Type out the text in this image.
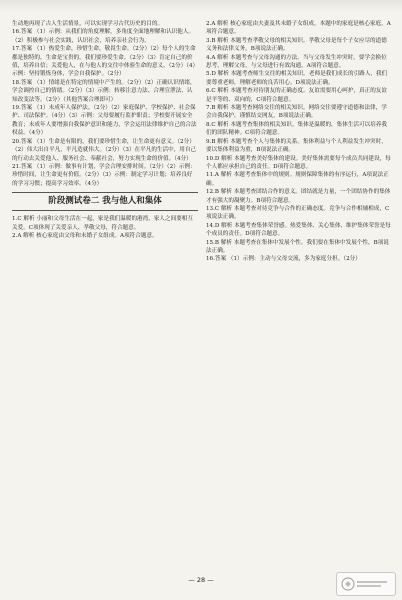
生动地再现了古人生活情景，可以实现学习古代历史的目的。

16.答案 （1）示例：从我们的角度理解，多角度全面地理解和认识他人。（2）积极参与社会实践，认识社会，培养亲社会行为。

17.答案 （1）热爱生命，珍惜生命，敬畏生命。（2分）（2）每个人的生命都是独特的，生命是宝贵的，我们要珍爱生命。（2分）（3）肯定自己的价值，培养自信；关爱他人，在与他人的交往中体验生命的意义。（2分）（4）示例：坚持锻炼身体，学会自我保护。（2分）

18.答案 （1）情绪是在特定的情境中产生的。（2分）（2）正确认识情绪，学会调控自己的情绪。（2分）（3）示例：转移注意力法、合理宣泄法、认知改变法等。（2分）（其他答案合理即可）

19.答案 （1）未成年人保护法。（2分）（2）家庭保护、学校保护、社会保护、司法保护。（4分）（3）示例：父母要履行监护职责；学校要开展安全教育；未成年人要增强自我保护意识和能力，学会运用法律维护自己的合法权益。（4分）

20.答案 （1）生命是有限的，我们要珍惜生命，让生命更有意义。（2分）（2）伟大出自平凡，平凡造就伟大。（2分）（3）在平凡的生活中，用自己的行动去关爱他人、服务社会、奉献社会，努力实现生命的价值。（4分）

21.答案 （1）示例：做事有计划，学会合理安排时间。（2分）（2）示例：珍惜时间，让生命更有价值。（2分）（3）示例：制定学习计划；培养良好的学习习惯；提高学习效率。（4分）

阶段测试卷二 我与他人和集体

1.C 解析 小丽和父母生活在一起，家是我们温暖的港湾，家人之间要相互关爱。C项体现了关爱亲人、孝敬父母，符合题意。

2.A 解析 核心家庭由父母和未婚子女组成。A项符合题意。

2.A 解析 核心家庭由夫妻及其未婚子女组成。本题中的家庭是核心家庭，A项符合题意。

3.B 解析 本题考查孝敬父母的相关知识。孝敬父母是每个子女应尽的道德义务和法律义务，B项说法正确。

4.A 解析 本题考查与父母沟通的方法。当与父母发生冲突时，要学会换位思考，理解父母，与父母进行有效沟通，A项符合题意。

5.D 解析 本题考查师生交往的相关知识。老师是我们成长的引路人，我们要尊重老师，理解老师的良苦用心。D项说法正确。

6.C 解析 本题考查对待朋友的正确态度。友谊需要用心呵护，真正的友谊是平等的、双向的，C项符合题意。

7.B 解析 本题考查网络交往的相关知识。网络交往要遵守道德和法律，学会自我保护，谨慎结交网友，B项说法正确。

8.C 解析 本题考查集体的相关知识。集体是温暖的，集体生活可以培养我们的团队精神。C项符合题意。

9.B 解析 本题考查个人与集体的关系。集体利益与个人利益发生冲突时，要以集体利益为重，B项说法正确。

10.D 解析 本题考查美好集体的建设。美好集体需要每个成员共同建设，每个人都应承担自己的责任。D项符合题意。

11.A 解析 本题考查集体中的规则。规则保障集体的有序运行，A项说法正确。

12.B 解析 本题考查团结合作的意义。团结就是力量，一个团结协作的集体才有强大的凝聚力。B项符合题意。

13.C 解析 本题考查对待竞争与合作的正确态度。竞争与合作相辅相成，C项说法正确。

14.D 解析 本题考查集体荣誉感。热爱集体、关心集体、维护集体荣誉是每个成员的责任。D项符合题意。

15.B 解析 本题考查在集体中发展个性。我们要在集体中发展个性，B项说法正确。

16.答案 （1）示例：主动与父母交流，多为家庭分担。（2分）

— 28 —
